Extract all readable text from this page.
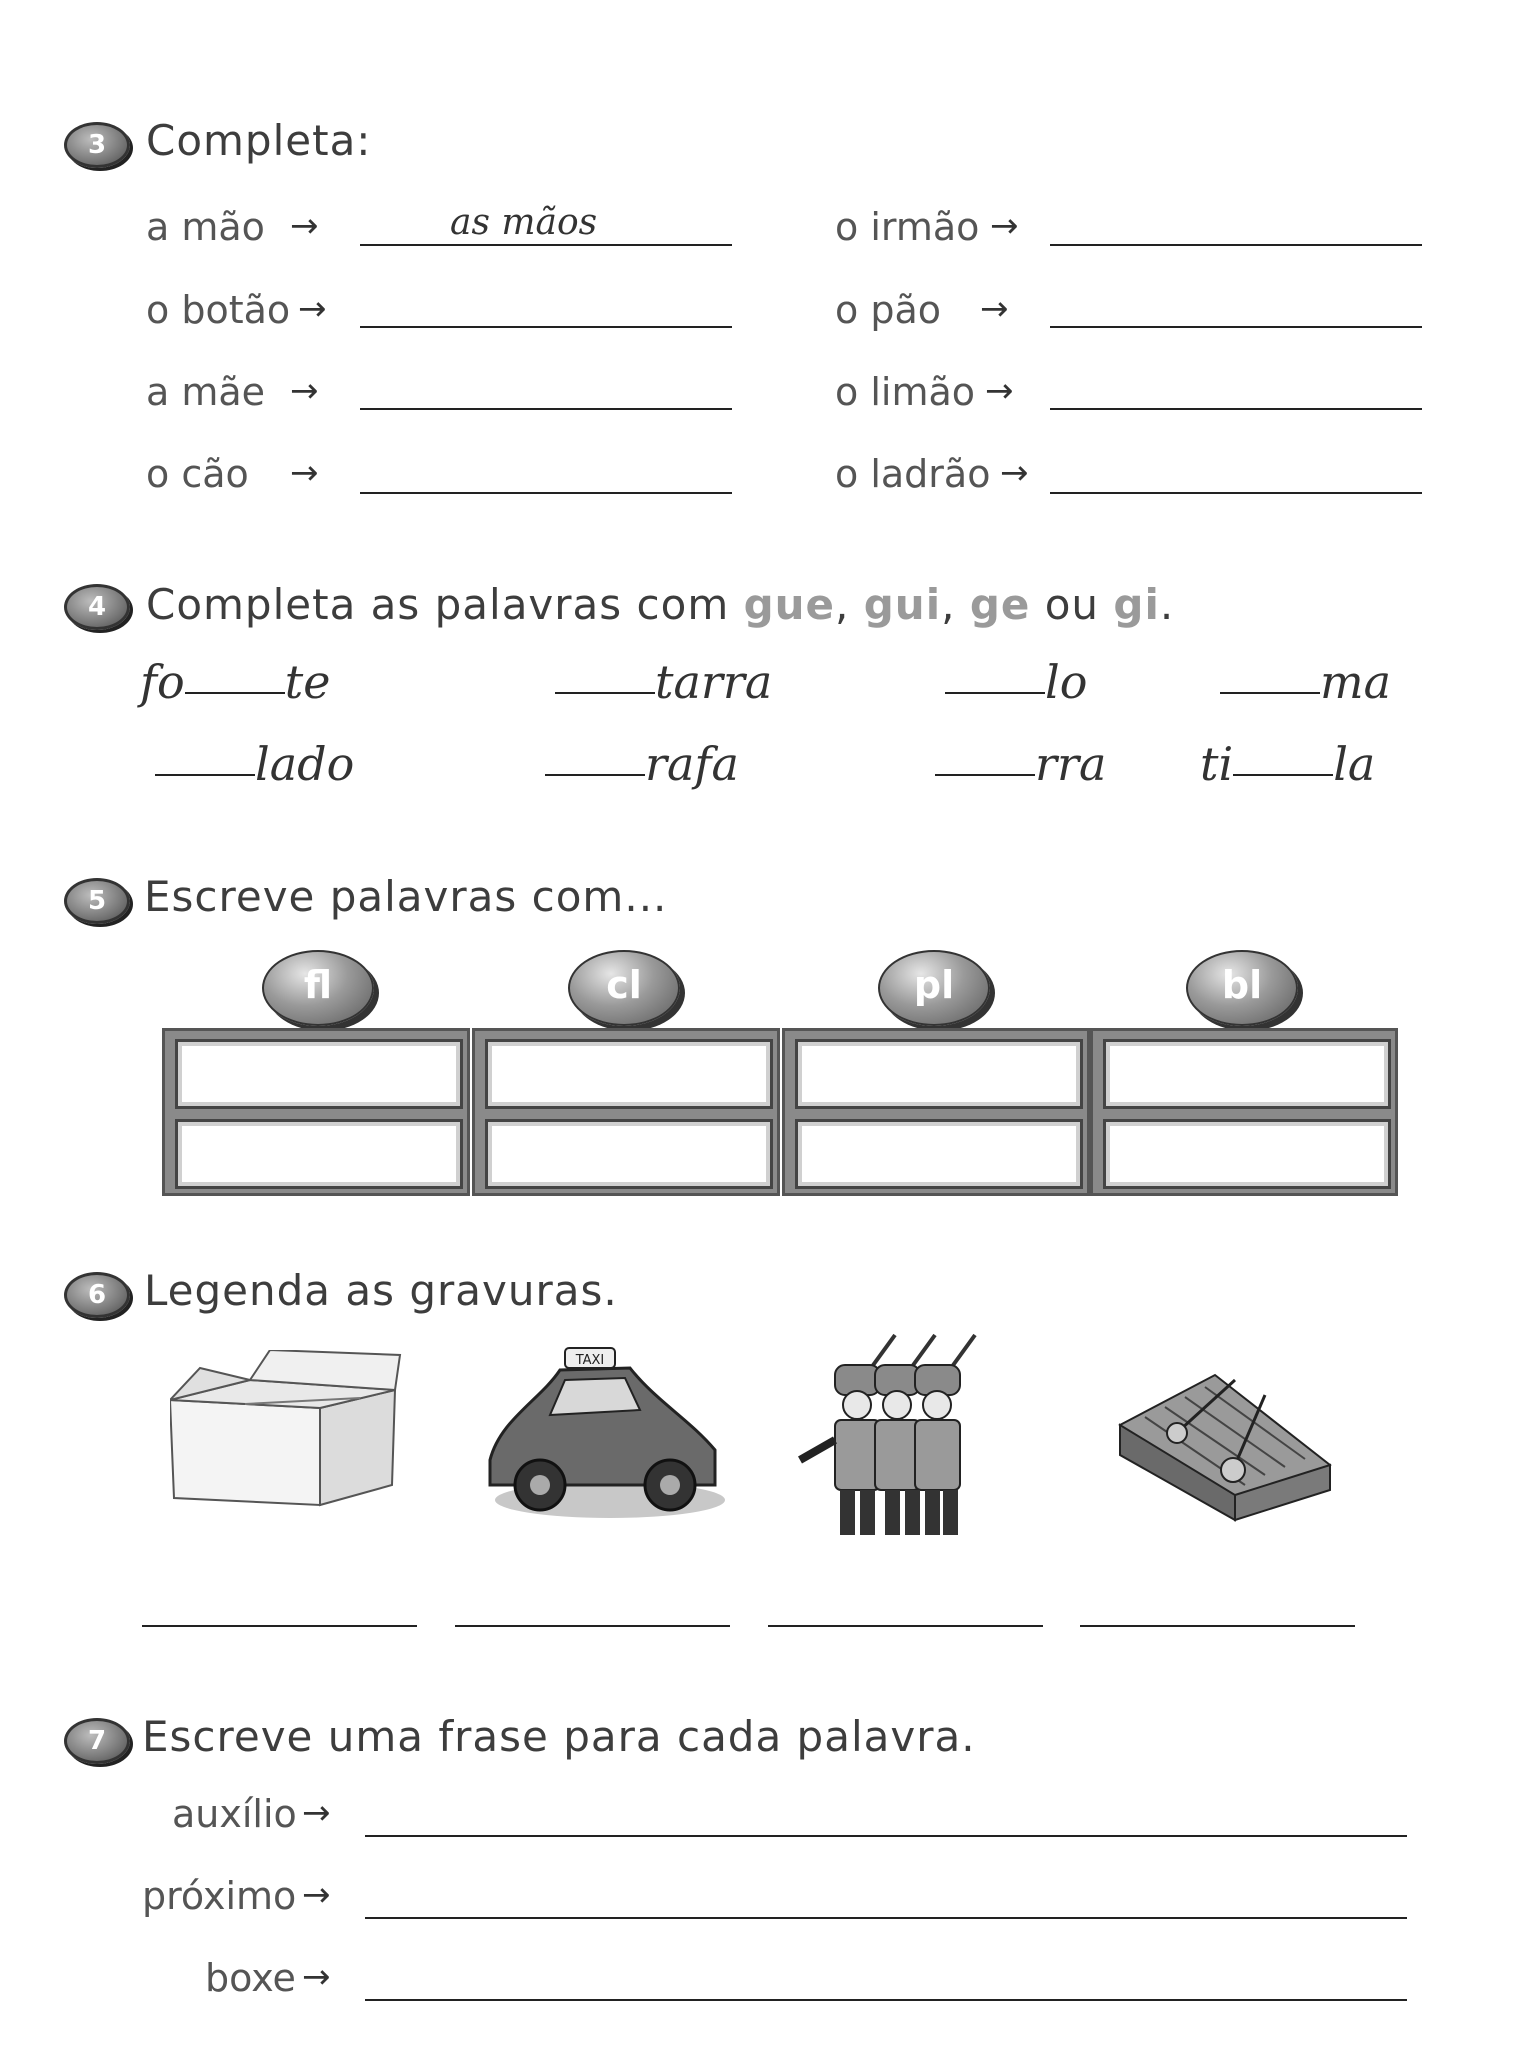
3 Completa:
a mão →	as mãos
o botão →
a mãe →
o cão →
o irmão →
o pão →
o limão →
o ladrão →
4 Completa as palavras com gue, gui, ge ou gi.
fo te	tarra	lo	ma
lado	rafa	rra ti la
5 Escreve palavras com...
fl	cl	pl	bl
6 Legenda as gravuras.
TAXI
7 Escreve uma frase para cada palavra.
auxílio →
próximo →
boxe →
